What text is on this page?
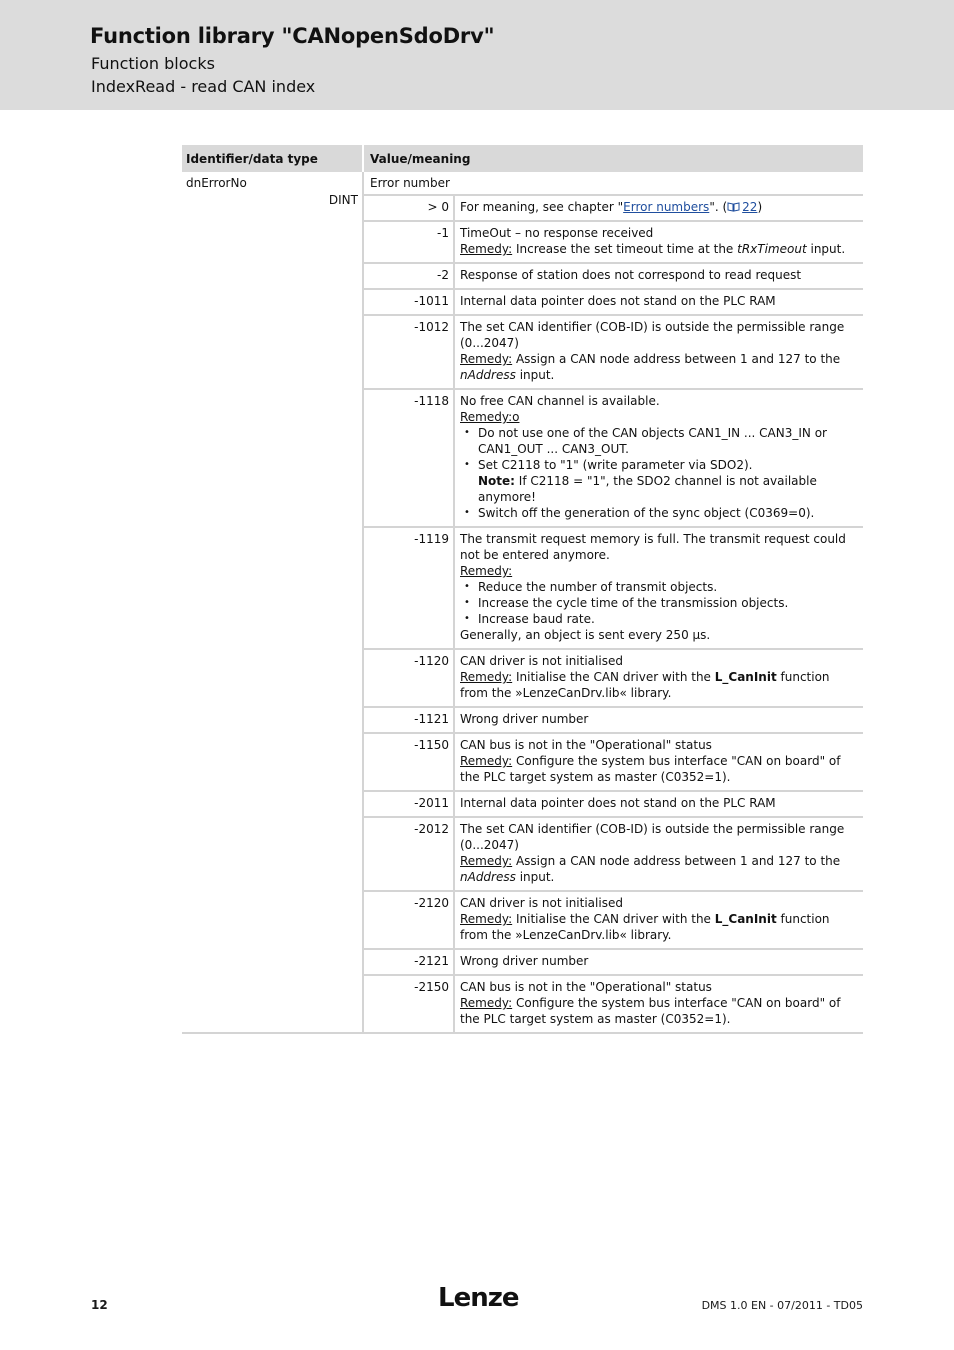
Function library "CANopenSdoDrv"
Function blocks
IndexRead - read CAN index
Identifier/data type	Value/meaning

dnErrorNo
DINT
	Error number

> 0	For meaning, see chapter "Error numbers". ( 22)
-1	TimeOut – no response received
Remedy: Increase the set timeout time at the tRxTimeout input.

-2	Response of station does not correspond to read request
-1011	Internal data pointer does not stand on the PLC RAM
-1012	The set CAN identifier (COB-ID) is outside the permissible range (0...2047)
Remedy: Assign a CAN node address between 1 and 127 to the nAddress input.

-1118	No free CAN channel is available.
Remedy:o
• Do not use one of the CAN objects CAN1_IN ... CAN3_IN or CAN1_OUT ... CAN3_OUT.
• Set C2118 to "1" (write parameter via SDO2).
Note: If C2118 = "1", the SDO2 channel is not available anymore!
• Switch off the generation of the sync object (C0369=0).

-1119	The transmit request memory is full. The transmit request could not be entered anymore.
Remedy:
• Reduce the number of transmit objects.
• Increase the cycle time of the transmission objects.
• Increase baud rate.
Generally, an object is sent every 250 µs.

-1120	CAN driver is not initialised
Remedy: Initialise the CAN driver with the L_CanInit function from the »LenzeCanDrv.lib« library.

-1121	Wrong driver number
-1150	CAN bus is not in the "Operational" status
Remedy: Configure the system bus interface "CAN on board" of the PLC target system as master (C0352=1).

-2011	Internal data pointer does not stand on the PLC RAM
-2012	The set CAN identifier (COB-ID) is outside the permissible range (0...2047)
Remedy: Assign a CAN node address between 1 and 127 to the nAddress input.

-2120	CAN driver is not initialised
Remedy: Initialise the CAN driver with the L_CanInit function from the »LenzeCanDrv.lib« library.

-2121	Wrong driver number
-2150	CAN bus is not in the "Operational" status
Remedy: Configure the system bus interface "CAN on board" of the PLC target system as master (C0352=1).
12	Lenze	DMS 1.0 EN - 07/2011 - TD05
